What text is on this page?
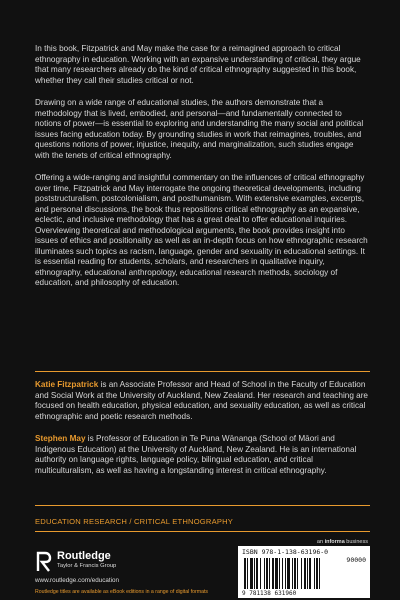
In this book, Fitzpatrick and May make the case for a reimagined approach to critical ethnography in education. Working with an expansive understanding of critical, they argue that many researchers already do the kind of critical ethnography suggested in this book, whether they call their studies critical or not.

Drawing on a wide range of educational studies, the authors demonstrate that a methodology that is lived, embodied, and personal—and fundamentally connected to notions of power—is essential to exploring and understanding the many social and political issues facing education today. By grounding studies in work that reimagines, troubles, and questions notions of power, injustice, inequity, and marginalization, such studies engage with the tenets of critical ethnography.

Offering a wide-ranging and insightful commentary on the influences of critical ethnography over time, Fitzpatrick and May interrogate the ongoing theoretical developments, including poststructuralism, postcolonialism, and posthumanism. With extensive examples, excerpts, and personal discussions, the book thus repositions critical ethnography as an expansive, eclectic, and inclusive methodology that has a great deal to offer educational inquiries. Overviewing theoretical and methodological arguments, the book provides insight into issues of ethics and positionality as well as an in-depth focus on how ethnographic research illuminates such topics as racism, language, gender and sexuality in educational settings. It is essential reading for students, scholars, and researchers in qualitative inquiry, ethnography, educational anthropology, educational research methods, sociology of education, and philosophy of education.

Katie Fitzpatrick is an Associate Professor and Head of School in the Faculty of Education and Social Work at the University of Auckland, New Zealand. Her research and teaching are focused on health education, physical education, and sexuality education, as well as critical ethnographic and poetic research methods.

Stephen May is Professor of Education in Te Puna Wānanga (School of Māori and Indigenous Education) at the University of Auckland, New Zealand. He is an international authority on language rights, language policy, bilingual education, and critical multiculturalism, as well as having a longstanding interest in critical ethnography.

EDUCATION RESEARCH / CRITICAL ETHNOGRAPHY
an informa business
Routledge
Taylor & Francis Group
www.routledge.com/education
Routledge titles are available as eBook editions in a range of digital formats
ISBN 978-1-138-63196-0
90000
9 781138 631960
